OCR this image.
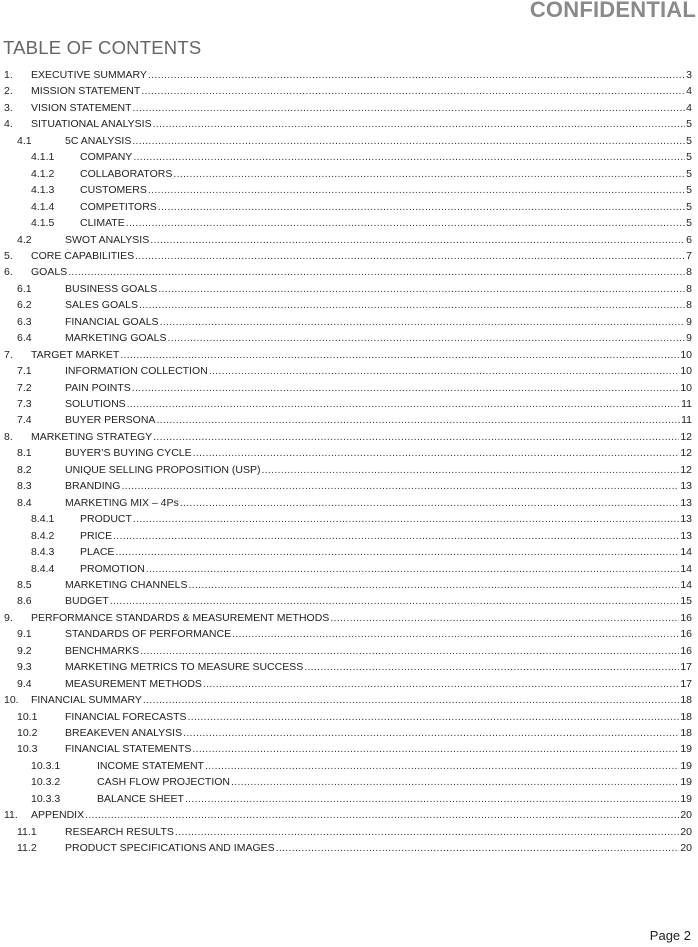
CONFIDENTIAL
TABLE OF CONTENTS
1. EXECUTIVE SUMMARY .....	3
2. MISSION STATEMENT .....	4
3. VISION STATEMENT .....	4
4. SITUATIONAL ANALYSIS .....	5
4.1	5C ANALYSIS .....	5
4.1.1 COMPANY .....	5
4.1.2 COLLABORATORS .....	5
4.1.3 CUSTOMERS .....	5
4.1.4 COMPETITORS .....	5
4.1.5 CLIMATE .....	5
4.2	SWOT ANALYSIS .....	6
5. CORE CAPABILITIES .....	7
6. GOALS .....	8
6.1	BUSINESS GOALS .....	8
6.2	SALES GOALS .....	8
6.3	FINANCIAL GOALS .....	9
6.4	MARKETING GOALS .....	9
7. TARGET MARKET .....	10
7.1	INFORMATION COLLECTION .....	10
7.2	PAIN POINTS .....	10
7.3	SOLUTIONS .....	11
7.4	BUYER PERSONA .....	11
8. MARKETING STRATEGY .....	12
8.1	BUYER’S BUYING CYCLE .....	12
8.2	UNIQUE SELLING PROPOSITION (USP) .....	12
8.3	BRANDING .....	13
8.4	MARKETING MIX – 4Ps .....	13
8.4.1 PRODUCT .....	13
8.4.2 PRICE .....	13
8.4.3 PLACE .....	14
8.4.4 PROMOTION .....	14
8.5	MARKETING CHANNELS .....	14
8.6	BUDGET .....	15
9. PERFORMANCE STANDARDS & MEASUREMENT METHODS .....	16
9.1	STANDARDS OF PERFORMANCE .....	16
9.2	BENCHMARKS .....	16
9.3	MARKETING METRICS TO MEASURE SUCCESS .....	17
9.4	MEASUREMENT METHODS .....	17
10. FINANCIAL SUMMARY .....	18
10.1	FINANCIAL FORECASTS .....	18
10.2	BREAKEVEN ANALYSIS .....	18
10.3	FINANCIAL STATEMENTS .....	19
10.3.1	INCOME STATEMENT .....	19
10.3.2	CASH FLOW PROJECTION .....	19
10.3.3	BALANCE SHEET .....	19
11. APPENDIX .....	20
11.1	RESEARCH RESULTS .....	20
11.2	PRODUCT SPECIFICATIONS AND IMAGES .....	20
Page 2
